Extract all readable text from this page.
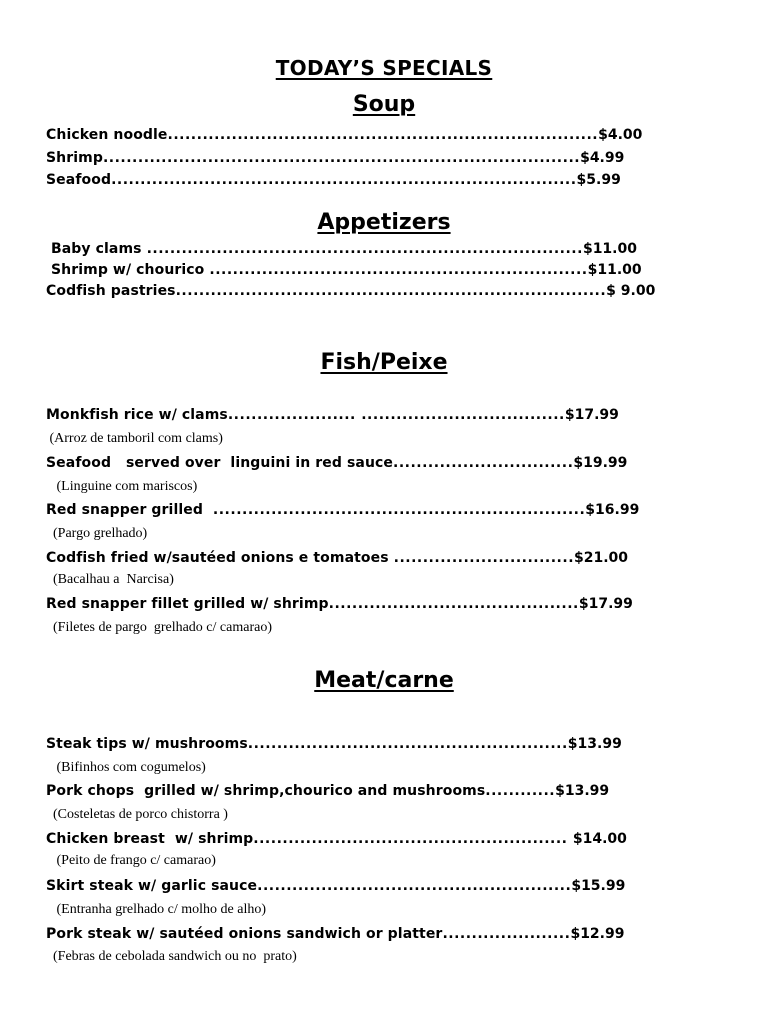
TODAY’S SPECIALS
Soup
Chicken noodle..........................................................................$4.00
Shrimp..................................................................................$4.99
Seafood................................................................................$5.99
Appetizers
Baby clams ...........................................................................$11.00
Shrimp w/ chourico .................................................................$11.00
Codfish pastries..........................................................................$ 9.00
Fish/Peixe
Monkfish rice w/ clams...................... ...................................$17.99
(Arroz de tamboril com clams)
Seafood   served over  linguini in red sauce...............................$19.99
(Linguine com mariscos)
Red snapper grilled  ................................................................$16.99
(Pargo grelhado)
Codfish fried w/sautéed onions e tomatoes ...............................$21.00
(Bacalhau a  Narcisa)
Red snapper fillet grilled w/ shrimp...........................................$17.99
(Filetes de pargo  grelhado c/ camarao)
Meat/carne
Steak tips w/ mushrooms.......................................................$13.99
(Bifinhos com cogumelos)
Pork chops  grilled w/ shrimp,chourico and mushrooms............$13.99
(Costeletas de porco chistorra )
Chicken breast  w/ shrimp...................................................... $14.00
(Peito de frango c/ camarao)
Skirt steak w/ garlic sauce......................................................$15.99
(Entranha grelhado c/ molho de alho)
Pork steak w/ sautéed onions sandwich or platter......................$12.99
(Febras de cebolada sandwich ou no  prato)
